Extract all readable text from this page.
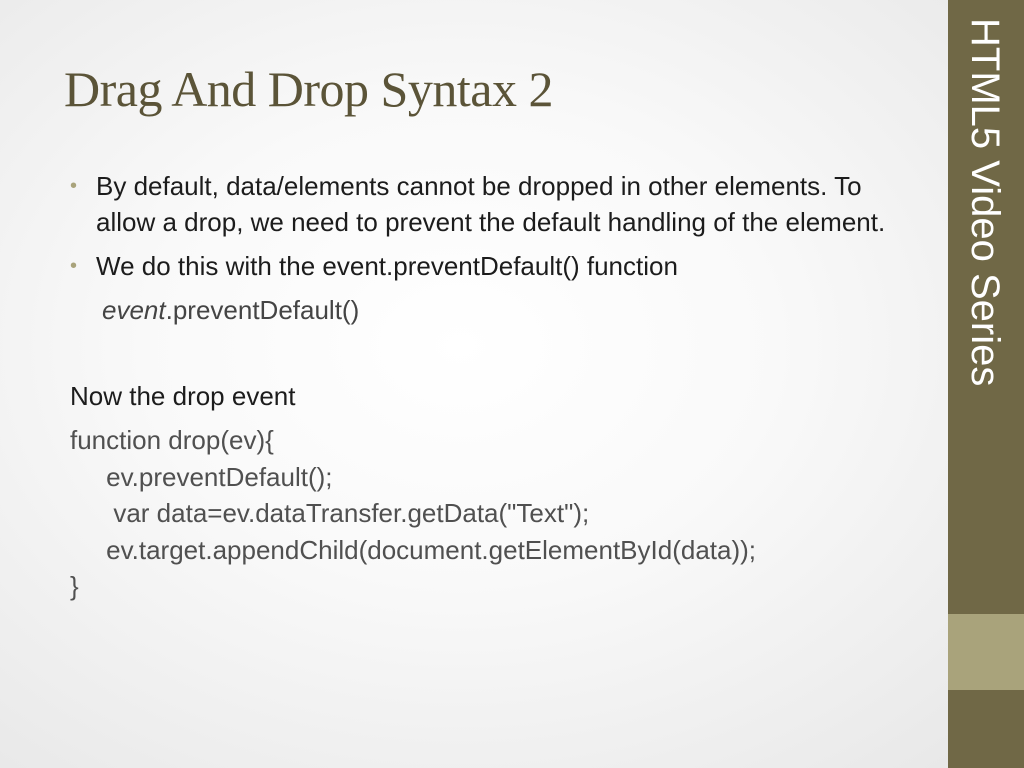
Drag And Drop Syntax 2
• By default, data/elements cannot be dropped in other elements. To allow a drop, we need to prevent the default handling of the element.
• We do this with the event.preventDefault() function
event.preventDefault()
Now the drop event
function drop(ev){
ev.preventDefault();
var data=ev.dataTransfer.getData("Text");
ev.target.appendChild(document.getElementById(data));
}
HTML5 Video Series
